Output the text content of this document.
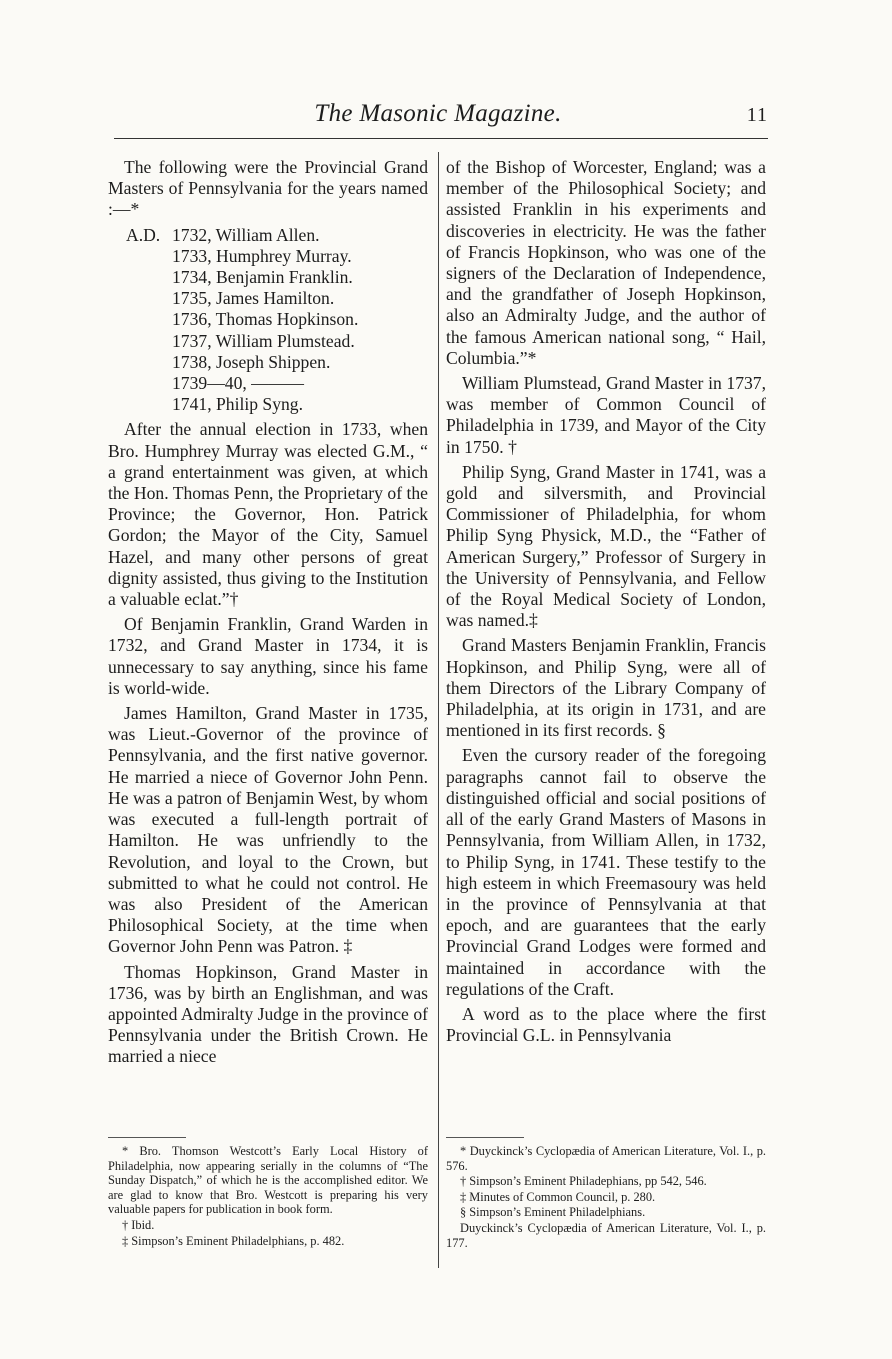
The Masonic Magazine.	11

The following were the Provincial Grand Masters of Pennsylvania for the years named :—*

A.D. 1732, William Allen.
1733, Humphrey Murray.
1734, Benjamin Franklin.
1735, James Hamilton.
1736, Thomas Hopkinson.
1737, William Plumstead.
1738, Joseph Shippen.
1739—40, ———
1741, Philip Syng.

After the annual election in 1733, when Bro. Humphrey Murray was elected G.M., “ a grand entertainment was given, at which the Hon. Thomas Penn, the Proprietary of the Province; the Governor, Hon. Patrick Gordon; the Mayor of the City, Samuel Hazel, and many other persons of great dignity assisted, thus giving to the Institution a valuable eclat.”†

Of Benjamin Franklin, Grand Warden in 1732, and Grand Master in 1734, it is unnecessary to say anything, since his fame is world-wide.

James Hamilton, Grand Master in 1735, was Lieut.-Governor of the province of Pennsylvania, and the first native governor. He married a niece of Governor John Penn. He was a patron of Benjamin West, by whom was executed a full-length portrait of Hamilton. He was unfriendly to the Revolution, and loyal to the Crown, but submitted to what he could not control. He was also President of the American Philosophical Society, at the time when Governor John Penn was Patron. ‡

Thomas Hopkinson, Grand Master in 1736, was by birth an Englishman, and was appointed Admiralty Judge in the province of Pennsylvania under the British Crown. He married a niece

* Bro. Thomson Westcott’s Early Local History of Philadelphia, now appearing serially in the columns of “The Sunday Dispatch,” of which he is the accomplished editor. We are glad to know that Bro. Westcott is preparing his very valuable papers for publication in book form.

† Ibid.

‡ Simpson’s Eminent Philadelphians, p. 482.

of the Bishop of Worcester, England; was a member of the Philosophical Society; and assisted Franklin in his experiments and discoveries in electricity. He was the father of Francis Hopkinson, who was one of the signers of the Declaration of Independence, and the grandfather of Joseph Hopkinson, also an Admiralty Judge, and the author of the famous American national song, “ Hail, Columbia.”*

William Plumstead, Grand Master in 1737, was member of Common Council of Philadelphia in 1739, and Mayor of the City in 1750. †

Philip Syng, Grand Master in 1741, was a gold and silversmith, and Provincial Commissioner of Philadelphia, for whom Philip Syng Physick, M.D., the “Father of American Surgery,” Professor of Surgery in the University of Pennsylvania, and Fellow of the Royal Medical Society of London, was named.‡

Grand Masters Benjamin Franklin, Francis Hopkinson, and Philip Syng, were all of them Directors of the Library Company of Philadelphia, at its origin in 1731, and are mentioned in its first records. §

Even the cursory reader of the foregoing paragraphs cannot fail to observe the distinguished official and social positions of all of the early Grand Masters of Masons in Pennsylvania, from William Allen, in 1732, to Philip Syng, in 1741. These testify to the high esteem in which Freemasoury was held in the province of Pennsylvania at that epoch, and are guarantees that the early Provincial Grand Lodges were formed and maintained in accordance with the regulations of the Craft.

A word as to the place where the first Provincial G.L. in Pennsylvania

* Duyckinck’s Cyclopædia of American Literature, Vol. I., p. 576.

† Simpson’s Eminent Philadephians, pp 542, 546.

‡ Minutes of Common Council, p. 280.

§ Simpson’s Eminent Philadelphians.

Duyckinck’s Cyclopædia of American Literature, Vol. I., p. 177.
